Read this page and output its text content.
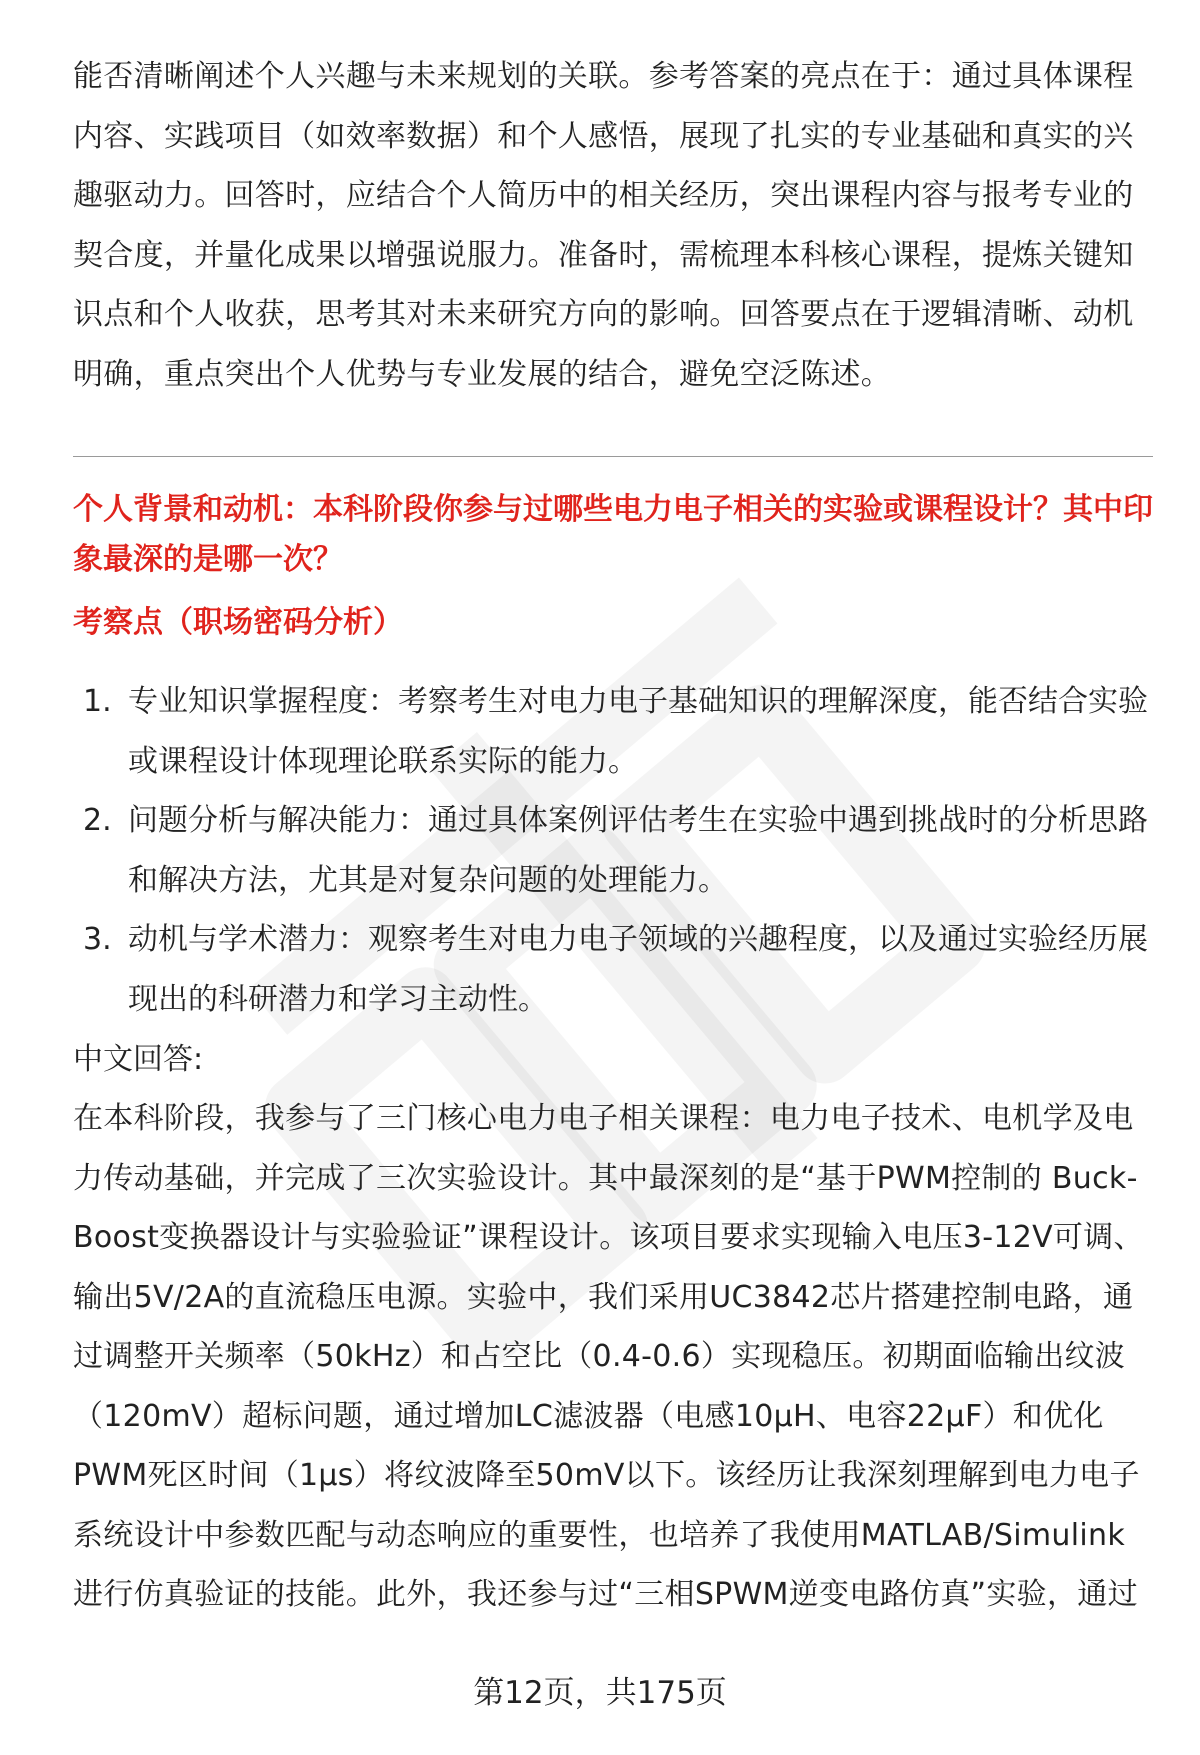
能否清晰阐述个人兴趣与未来规划的关联。参考答案的亮点在于：通过具体课程内容、实践项目（如效率数据）和个人感悟，展现了扎实的专业基础和真实的兴趣驱动力。回答时，应结合个人简历中的相关经历，突出课程内容与报考专业的契合度，并量化成果以增强说服力。准备时，需梳理本科核心课程，提炼关键知识点和个人收获，思考其对未来研究方向的影响。回答要点在于逻辑清晰、动机明确，重点突出个人优势与专业发展的结合，避免空泛陈述。

个人背景和动机：本科阶段你参与过哪些电力电子相关的实验或课程设计？其中印象最深的是哪一次？

考察点（职场密码分析）

1. 专业知识掌握程度：考察考生对电力电子基础知识的理解深度，能否结合实验或课程设计体现理论联系实际的能力。
2. 问题分析与解决能力：通过具体案例评估考生在实验中遇到挑战时的分析思路和解决方法，尤其是对复杂问题的处理能力。
3. 动机与学术潜力：观察考生对电力电子领域的兴趣程度，以及通过实验经历展现出的科研潜力和学习主动性。
中文回答:

在本科阶段，我参与了三门核心电力电子相关课程：电力电子技术、电机学及电力传动基础，并完成了三次实验设计。其中最深刻的是“基于PWM控制的 Buck-Boost变换器设计与实验验证”课程设计。该项目要求实现输入电压3-12V可调、输出5V/2A的直流稳压电源。实验中，我们采用UC3842芯片搭建控制电路，通过调整开关频率（50kHz）和占空比（0.4-0.6）实现稳压。初期面临输出纹波（120mV）超标问题，通过增加LC滤波器（电感10μH、电容22μF）和优化PWM死区时间（1μs）将纹波降至50mV以下。该经历让我深刻理解到电力电子系统设计中参数匹配与动态响应的重要性，也培养了我使用MATLAB/Simulink进行仿真验证的技能。此外，我还参与过“三相SPWM逆变电路仿真”实验，通过

第12页，共175页
